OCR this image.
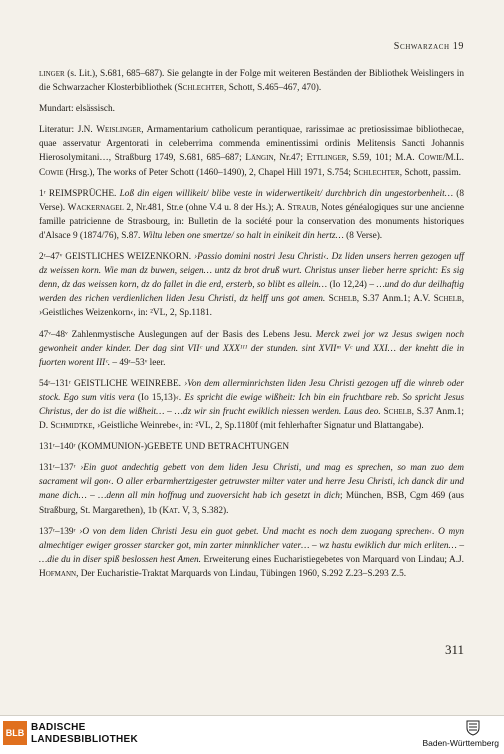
Schwarzach 19

linger (s. Lit.), S.681, 685–687). Sie gelangte in der Folge mit weiteren Beständen der Bibliothek Weislingers in die Schwarzacher Klosterbibliothek (Schlechter, Schott, S.465–467, 470).

Mundart: elsässisch.

Literatur: J.N. Weislinger, Armamentarium catholicum perantiquae, rarissimae ac pretiosissimae bibliothecae, quae asservatur Argentorati in celeberrima commenda eminentissimi ordinis Melitensis Sancti Johannis Hierosolymitani…, Straßburg 1749, S.681, 685–687; Längin, Nr.47; Ettlinger, S.59, 101; M.A. Cowie/M.L. Cowie (Hrsg.), The works of Peter Schott (1460–1490), 2, Chapel Hill 1971, S.754; Schlechter, Schott, passim.

1ʳ REIMSPRÜCHE. Loß din eigen willikeit/ blibe veste in widerwertikeit/ durchbrich din ungestorbenheit… (8 Verse). Wackernagel 2, Nr.481, Str.e (ohne V.4 u. 8 der Hs.); A. Straub, Notes généalogiques sur une ancienne famille patricienne de Strasbourg, in: Bulletin de la société pour la conservation des monuments historiques d'Alsace 9 (1874/76), S.87. Wiltu leben one smertze/ so halt in einikeit din hertz… (8 Verse).

2ʳ–47ᵛ GEISTLICHES WEIZENKORN. ›Passio domini nostri Jesu Christi‹. Dz liden unsers herren gezogen uff dz weissen korn. Wie man dz buwen, seigen… untz dz brot druß wurt. Christus unser lieber herre spricht: Es sig denn, dz das weissen korn, dz do fallet in die erd, ersterb, so blibt es allein… (Io 12,24) – …und do dur deilhaftig werden des richen verdienlichen liden Jesu Christi, dz helff uns got amen. Schelb, S.37 Anm.1; A.V. Schelb, ›Geistliches Weizenkorn‹, in: ²VL, 2, Sp.1181.

47ᵛ–48ᵛ Zahlenmystische Auslegungen auf der Basis des Lebens Jesu. Merck zwei jor wz Jesus swigen noch gewonheit ander kinder. Der dag sint VIIᶜ und XXXᴵᴵᴵ der stunden. sint XVIIᵐ Vᶜ und XXI… der knehtt die in fuorten worent IIIᶜ. – 49ʳ–53ᵛ leer.

54ʳ–131ʳ GEISTLICHE WEINREBE. ›Von dem allerminrichsten liden Jesu Christi gezogen uff die winreb oder stock. Ego sum vitis vera (Io 15,13)‹. Es spricht die ewige wißheit: Ich bin ein fruchtbare reb. So spricht Jesus Christus, der do ist die wißheit… – …dz wir sin frucht ewiklich niessen werden. Laus deo. Schelb, S.37 Anm.1; D. Schmidtke, ›Geistliche Weinrebe‹, in: ²VL, 2, Sp.1180f (mit fehlerhafter Signatur und Blattangabe).

131ʳ–140ʳ (KOMMUNION-)GEBETE UND BETRACHTUNGEN

131ʳ–137ʳ ›Ein guot andechtig gebett von dem liden Jesu Christi, und mag es sprechen, so man zuo dem sacrament wil gon‹. O aller erbarmhertzigester getruwster milter vater und herre Jesu Christi, ich danck dir und mane dich… – …denn all min hoffnug und zuoversicht hab ich gesetzt in dich; München, BSB, Cgm 469 (aus Straßburg, St. Margarethen), 1b (Kat. V, 3, S.382).

137ʳ–139ʳ ›O von dem liden Christi Jesu ein guot gebet. Und macht es noch dem zuogang sprechen‹. O myn almechtiger ewiger grosser starcker got, min zarter minnklicher vater… – wz hastu ewiklich dur mich erliten… – …die du in diser spiß beslossen hest Amen. Erweiterung eines Eucharistiegebetes von Marquard von Lindau; A.J. Hofmann, Der Eucharistie-Traktat Marquards von Lindau, Tübingen 1960, S.292 Z.23–S.293 Z.5.

311
BLB BADISCHE
LANDESBIBLIOTHEK	Baden-Württemberg
